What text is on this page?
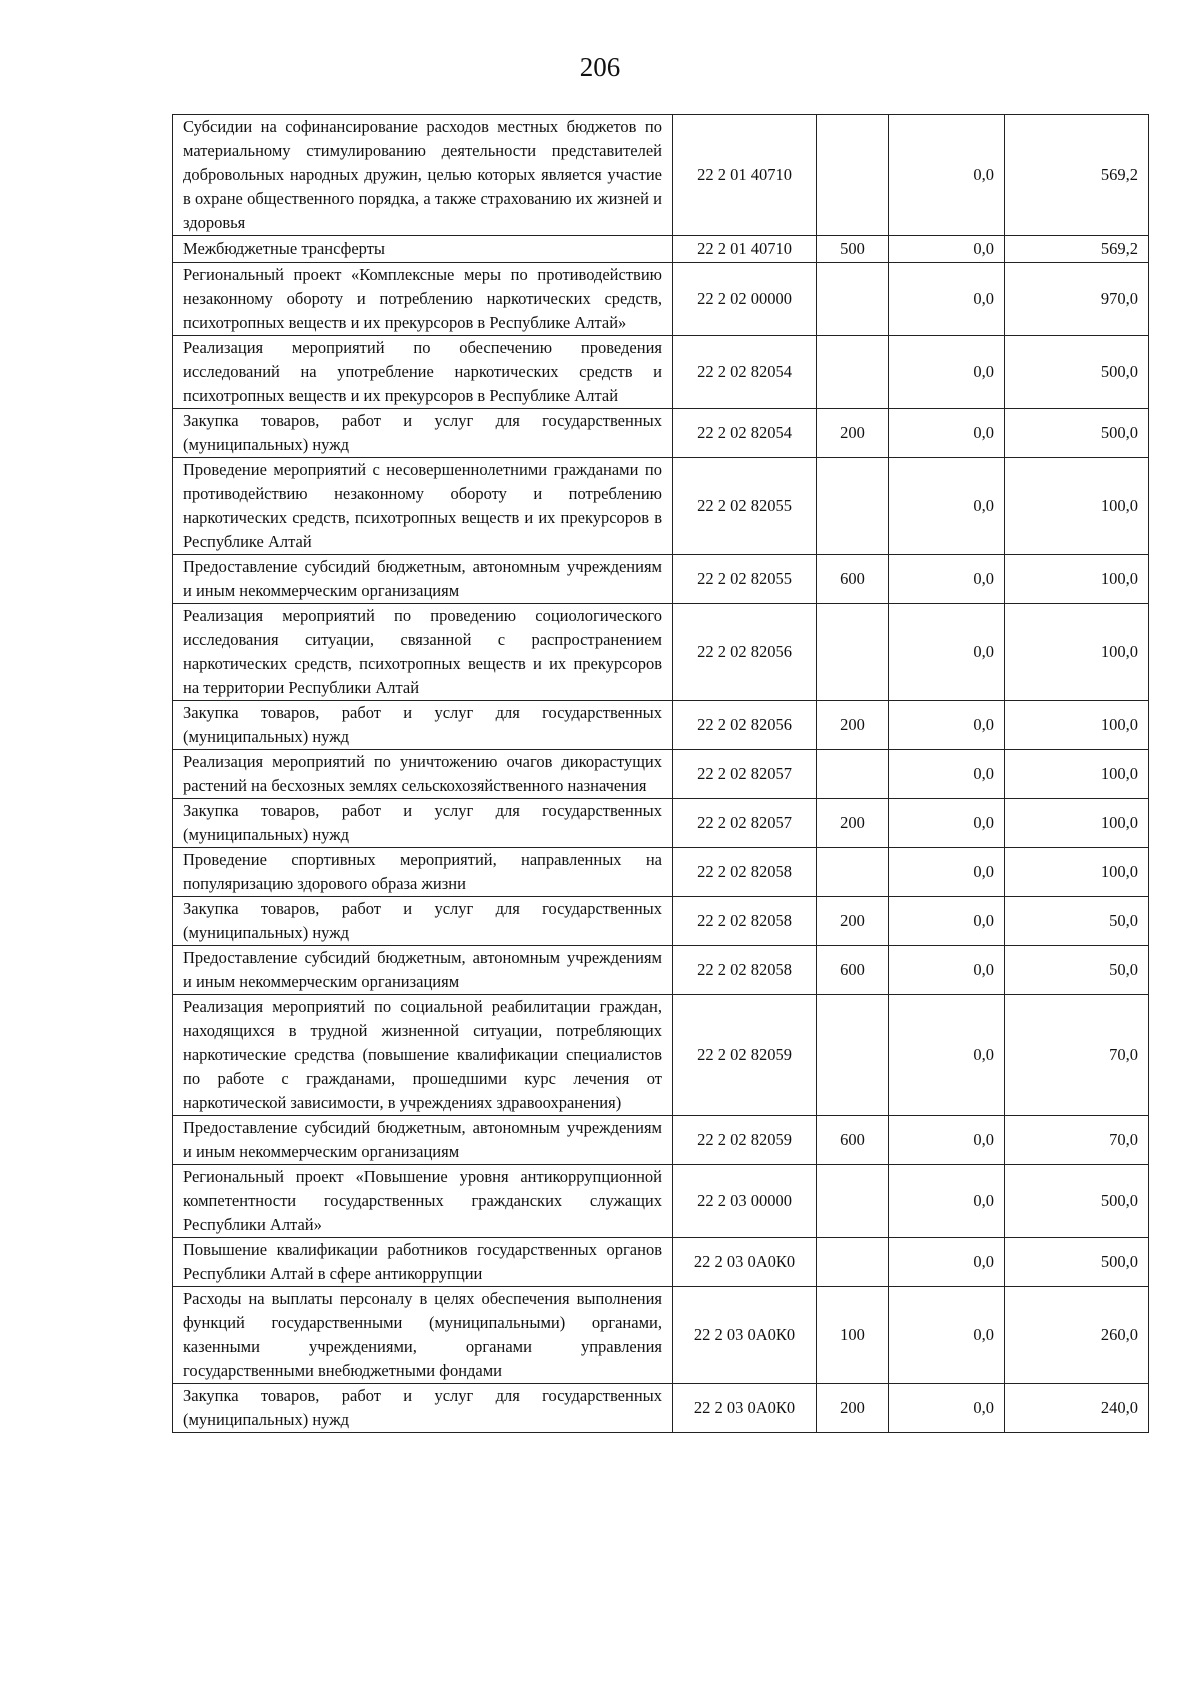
206
Субсидии на софинансирование расходов местных бюджетов по материальному стимулированию деятельности представителей добровольных народных дружин, целью которых является участие в охране общественного порядка, а также страхованию их жизней и здоровья	22 2 01 40710		0,0	569,2
Межбюджетные трансферты	22 2 01 40710	500	0,0	569,2
Региональный проект «Комплексные меры по противодействию незаконному обороту и потреблению наркотических средств, психотропных веществ и их прекурсоров в Республике Алтай»	22 2 02 00000		0,0	970,0
Реализация мероприятий по обеспечению проведения исследований на употребление наркотических средств и психотропных веществ и их прекурсоров в Республике Алтай	22 2 02 82054		0,0	500,0
Закупка товаров, работ и услуг для государственных (муниципальных) нужд	22 2 02 82054	200	0,0	500,0
Проведение мероприятий с несовершеннолетними гражданами по противодействию незаконному обороту и потреблению наркотических средств, психотропных веществ и их прекурсоров в Республике Алтай	22 2 02 82055		0,0	100,0
Предоставление субсидий бюджетным, автономным учреждениям и иным некоммерческим организациям	22 2 02 82055	600	0,0	100,0
Реализация мероприятий по проведению социологического исследования ситуации, связанной с распространением наркотических средств, психотропных веществ и их прекурсоров на территории Республики Алтай	22 2 02 82056		0,0	100,0
Закупка товаров, работ и услуг для государственных (муниципальных) нужд	22 2 02 82056	200	0,0	100,0
Реализация мероприятий по уничтожению очагов дикорастущих растений на бесхозных землях сельскохозяйственного назначения	22 2 02 82057		0,0	100,0
Закупка товаров, работ и услуг для государственных (муниципальных) нужд	22 2 02 82057	200	0,0	100,0
Проведение спортивных мероприятий, направленных на популяризацию здорового образа жизни	22 2 02 82058		0,0	100,0
Закупка товаров, работ и услуг для государственных (муниципальных) нужд	22 2 02 82058	200	0,0	50,0
Предоставление субсидий бюджетным, автономным учреждениям и иным некоммерческим организациям	22 2 02 82058	600	0,0	50,0
Реализация мероприятий по социальной реабилитации граждан, находящихся в трудной жизненной ситуации, потребляющих наркотические средства (повышение квалификации специалистов по работе с гражданами, прошедшими курс лечения от наркотической зависимости, в учреждениях здравоохранения)	22 2 02 82059		0,0	70,0
Предоставление субсидий бюджетным, автономным учреждениям и иным некоммерческим организациям	22 2 02 82059	600	0,0	70,0
Региональный проект «Повышение уровня антикоррупционной компетентности государственных гражданских служащих Республики Алтай»	22 2 03 00000		0,0	500,0
Повышение квалификации работников государственных органов Республики Алтай в сфере антикоррупции	22 2 03 0А0К0		0,0	500,0
Расходы на выплаты персоналу в целях обеспечения выполнения функций государственными (муниципальными) органами, казенными учреждениями, органами управления государственными внебюджетными фондами	22 2 03 0А0К0	100	0,0	260,0
Закупка товаров, работ и услуг для государственных (муниципальных) нужд	22 2 03 0А0К0	200	0,0	240,0
